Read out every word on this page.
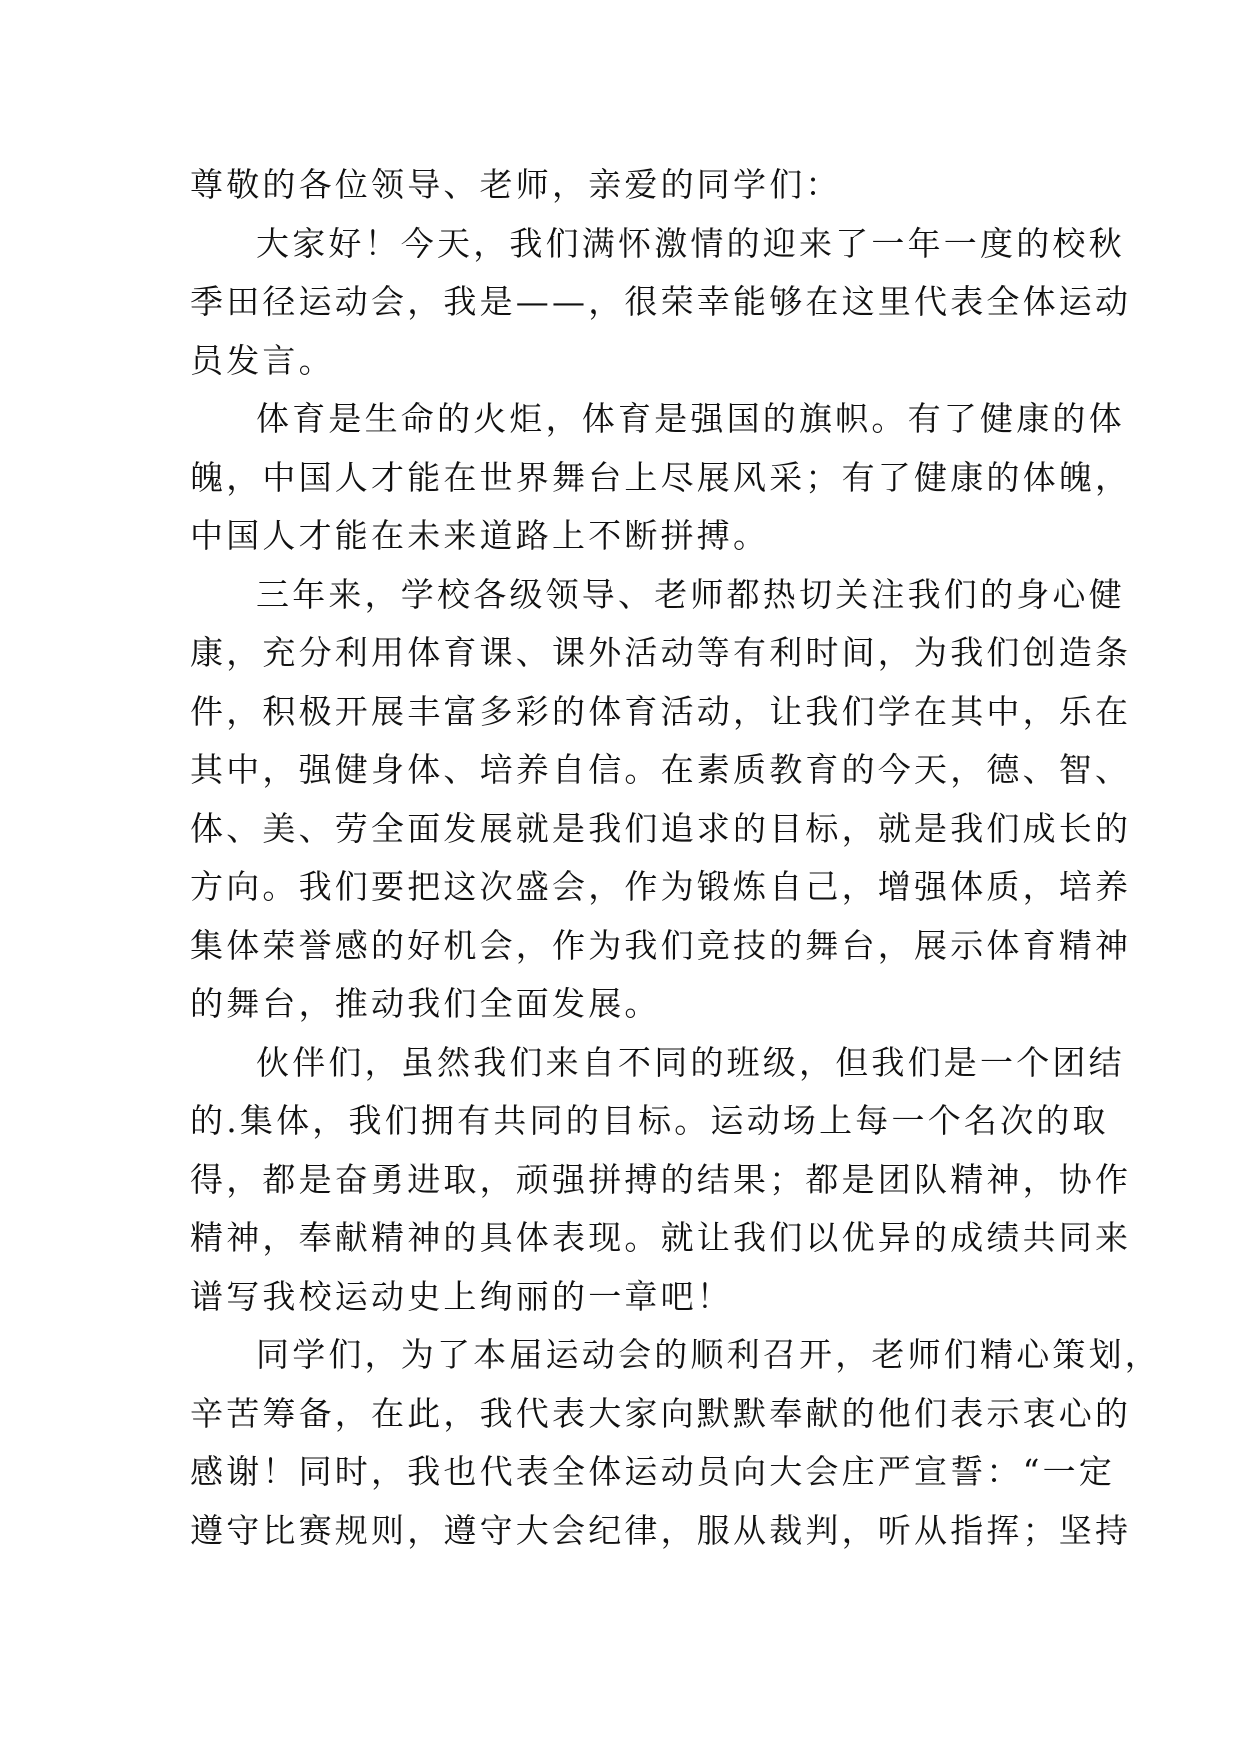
尊敬的各位领导、老师，亲爱的同学们：
大家好！今天，我们满怀激情的迎来了一年一度的校秋
季田径运动会，我是——，很荣幸能够在这里代表全体运动
员发言。
体育是生命的火炬，体育是强国的旗帜。有了健康的体
魄，中国人才能在世界舞台上尽展风采；有了健康的体魄，
中国人才能在未来道路上不断拼搏。
三年来，学校各级领导、老师都热切关注我们的身心健
康，充分利用体育课、课外活动等有利时间，为我们创造条
件，积极开展丰富多彩的体育活动，让我们学在其中，乐在
其中，强健身体、培养自信。在素质教育的今天，德、智、
体、美、劳全面发展就是我们追求的目标，就是我们成长的
方向。我们要把这次盛会，作为锻炼自己，增强体质，培养
集体荣誉感的好机会，作为我们竞技的舞台，展示体育精神
的舞台，推动我们全面发展。
伙伴们，虽然我们来自不同的班级，但我们是一个团结
的.集体，我们拥有共同的目标。运动场上每一个名次的取
得，都是奋勇进取，顽强拼搏的结果；都是团队精神，协作
精神，奉献精神的具体表现。就让我们以优异的成绩共同来
谱写我校运动史上绚丽的一章吧！
同学们，为了本届运动会的顺利召开，老师们精心策划，
辛苦筹备，在此，我代表大家向默默奉献的他们表示衷心的
感谢！同时，我也代表全体运动员向大会庄严宣誓：“一定
遵守比赛规则，遵守大会纪律，服从裁判，听从指挥；坚持
